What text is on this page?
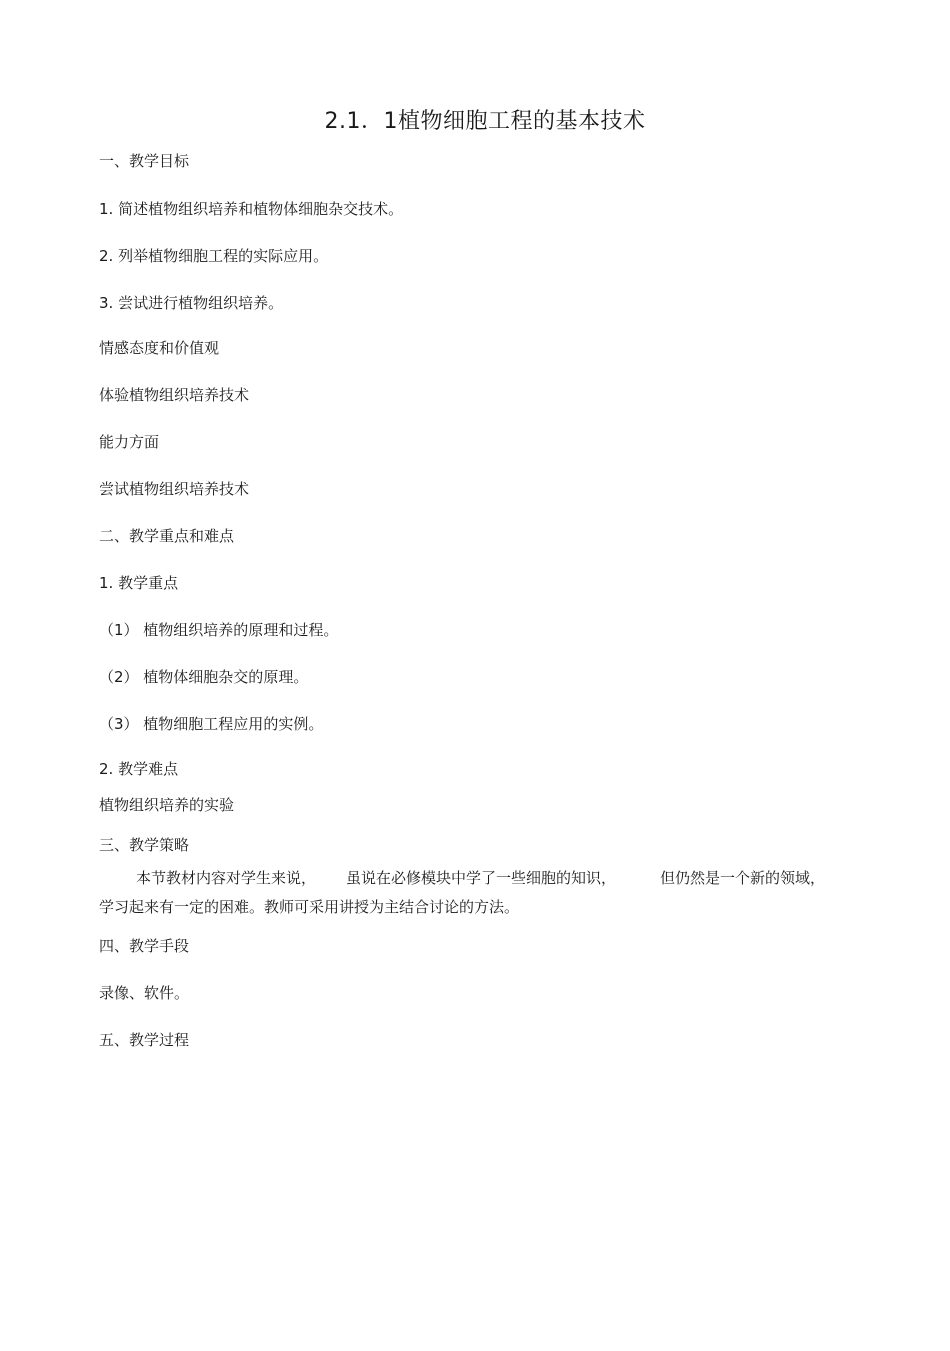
2.1．1植物细胞工程的基本技术
一、教学目标
1. 简述植物组织培养和植物体细胞杂交技术。
2. 列举植物细胞工程的实际应用。
3. 尝试进行植物组织培养。
情感态度和价值观
体验植物组织培养技术
能力方面
尝试植物组织培养技术
二、教学重点和难点
1. 教学重点
（1） 植物组织培养的原理和过程。
（2） 植物体细胞杂交的原理。
（3） 植物细胞工程应用的实例。
2. 教学难点
植物组织培养的实验
三、教学策略
本节教材内容对学生来说， 虽说在必修模块中学了一些细胞的知识，	但仍然是一个新的领域，学习起来有一定的困难。教师可采用讲授为主结合讨论的方法。
四、教学手段
录像、软件。
五、教学过程
